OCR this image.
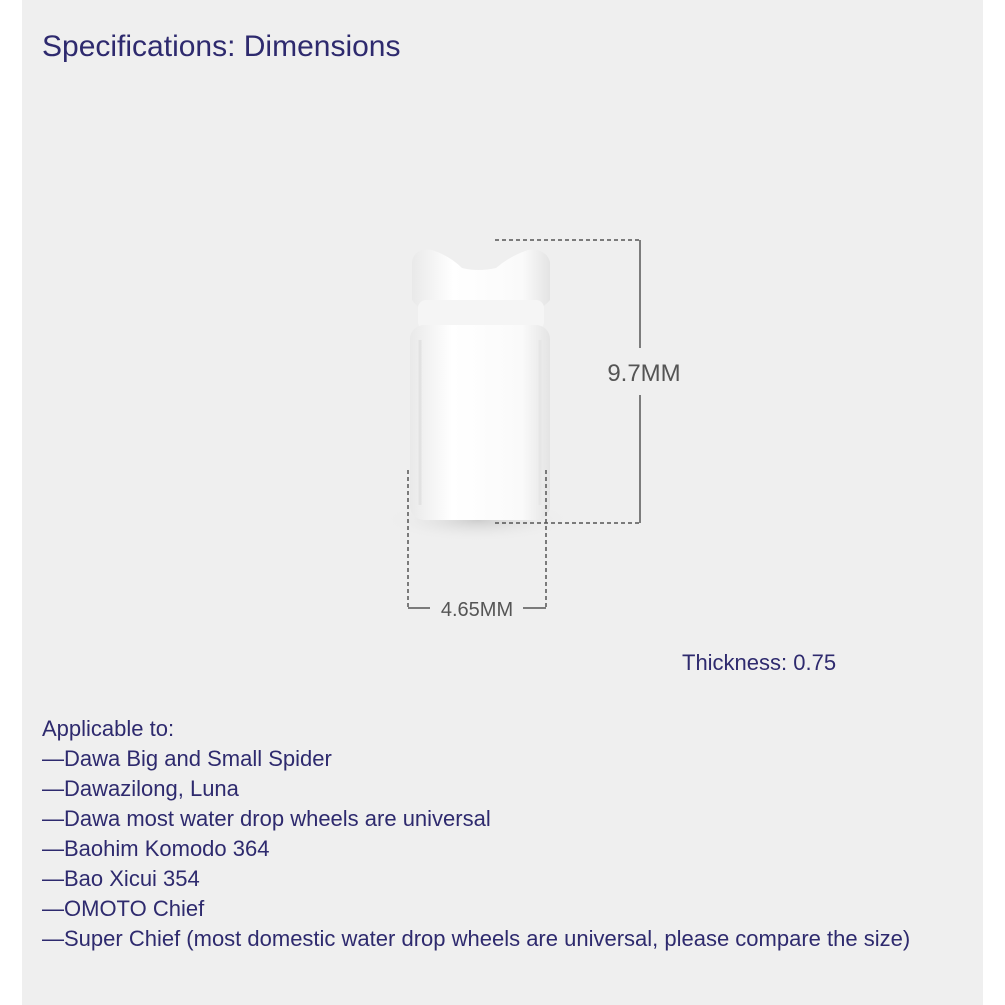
Specifications: Dimensions
9.7MM
4.65MM
Thickness: 0.75
Applicable to:
—Dawa Big and Small Spider
—Dawazilong, Luna
—Dawa most water drop wheels are universal
—Baohim Komodo 364
—Bao Xicui 354
—OMOTO Chief
—Super Chief (most domestic water drop wheels are universal, please compare the size)
